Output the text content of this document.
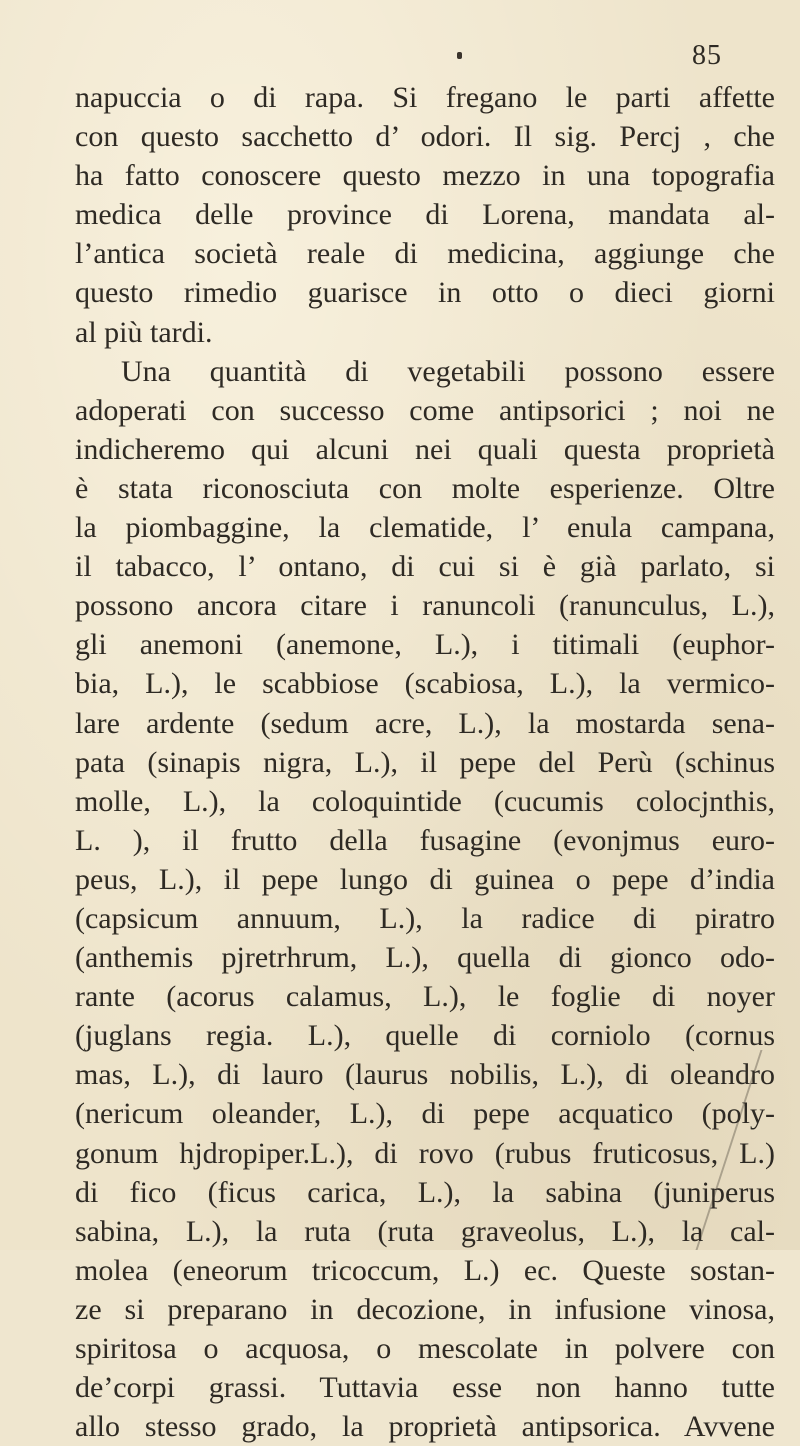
85
napuccia o di rapa. Si fregano le parti affette
con questo sacchetto d’ odori. Il sig. Percj , che
ha fatto conoscere questo mezzo in una topografia
medica delle province di Lorena, mandata al-
l’antica società reale di medicina, aggiunge che
questo rimedio guarisce in otto o dieci giorni
al più tardi.
Una quantità di vegetabili possono essere
adoperati con successo come antipsorici ; noi ne
indicheremo qui alcuni nei quali questa proprietà
è stata riconosciuta con molte esperienze. Oltre
la piombaggine, la clematide, l’ enula campana,
il tabacco, l’ ontano, di cui si è già parlato, si
possono ancora citare i ranuncoli (ranunculus, L.),
gli anemoni (anemone, L.), i titimali (euphor-
bia, L.), le scabbiose (scabiosa, L.), la vermico-
lare ardente (sedum acre, L.), la mostarda sena-
pata (sinapis nigra, L.), il pepe del Perù (schinus
molle, L.), la coloquintide (cucumis colocjnthis,
L. ), il frutto della fusagine (evonjmus euro-
peus, L.), il pepe lungo di guinea o pepe d’india
(capsicum annuum, L.), la radice di piratro
(anthemis pjretrhrum, L.), quella di gionco odo-
rante (acorus calamus, L.), le foglie di noyer
(juglans regia. L.), quelle di corniolo (cornus
mas, L.), di lauro (laurus nobilis, L.), di oleandro
(nericum oleander, L.), di pepe acquatico (poly-
gonum hjdropiper.L.), di rovo (rubus fruticosus, L.)
di fico (ficus carica, L.), la sabina (juniperus
sabina, L.), la ruta (ruta graveolus, L.), la cal-
molea (eneorum tricoccum, L.) ec. Queste sostan-
ze si preparano in decozione, in infusione vinosa,
spiritosa o acquosa, o mescolate in polvere con
de’corpi grassi. Tuttavia esse non hanno tutte
allo stesso grado, la proprietà antipsorica. Avvene
